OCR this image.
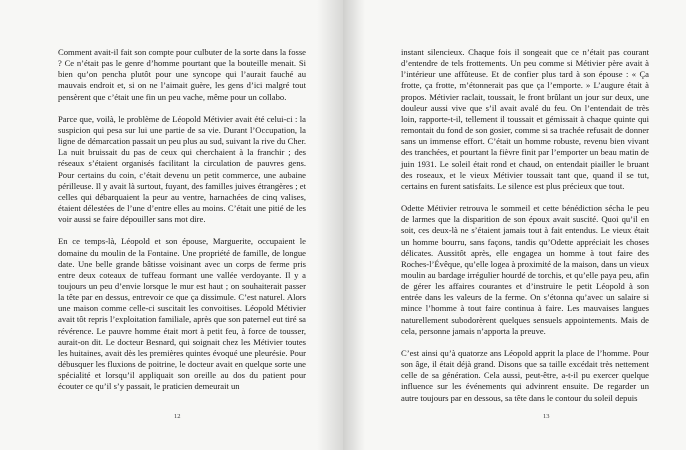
Comment avait-il fait son compte pour culbuter de la sorte dans la fosse ? Ce n’était pas le genre d’homme pourtant que la bouteille menait. Si bien qu’on pencha plutôt pour une syncope qui l’aurait fauché au mauvais endroit et, si on ne l’aimait guère, les gens d’ici malgré tout pensèrent que c’était une fin un peu vache, même pour un collabo.

Parce que, voilà, le problème de Léopold Métivier avait été celui-ci : la suspicion qui pesa sur lui une partie de sa vie. Durant l’Occupation, la ligne de démarcation passait un peu plus au sud, suivant la rive du Cher. La nuit bruissait du pas de ceux qui cherchaient à la franchir ; des réseaux s’étaient organisés facilitant la circulation de pauvres gens. Pour certains du coin, c’était devenu un petit commerce, une aubaine périlleuse. Il y avait là surtout, fuyant, des familles juives étrangères ; et celles qui débarquaient la peur au ventre, harnachées de cinq valises, étaient délestées de l’une d’entre elles au moins. C’était une pitié de les voir aussi se faire dépouiller sans mot dire.

En ce temps-là, Léopold et son épouse, Marguerite, occupaient le domaine du moulin de la Fontaine. Une propriété de famille, de longue date. Une belle grande bâtisse voisinant avec un corps de ferme pris entre deux coteaux de tuffeau formant une vallée verdoyante. Il y a toujours un peu d’envie lorsque le mur est haut ; on souhaiterait passer la tête par en dessus, entrevoir ce que ça dissimule. C’est naturel. Alors une maison comme celle-ci suscitait les convoitises. Léopold Métivier avait tôt repris l’exploitation familiale, après que son paternel eut tiré sa révérence. Le pauvre homme était mort à petit feu, à force de tousser, aurait-on dit. Le docteur Besnard, qui soignait chez les Métivier toutes les huitaines, avait dès les premières quintes évoqué une pleurésie. Pour débusquer les fluxions de poitrine, le docteur avait en quelque sorte une spécialité et lorsqu’il appliquait son oreille au dos du patient pour écouter ce qu’il s’y passait, le praticien demeurait un

12

instant silencieux. Chaque fois il songeait que ce n’était pas courant d’entendre de tels frottements. Un peu comme si Métivier père avait à l’intérieur une affûteuse. Et de confier plus tard à son épouse : « Ça frotte, ça frotte, m’étonnerait pas que ça l’emporte. » L’augure était à propos. Métivier raclait, toussait, le front brûlant un jour sur deux, une douleur aussi vive que s’il avait avalé du feu. On l’entendait de très loin, rapporte-t-il, tellement il toussait et gémissait à chaque quinte qui remontait du fond de son gosier, comme si sa trachée refusait de donner sans un immense effort. C’était un homme robuste, revenu bien vivant des tranchées, et pourtant la fièvre finit par l’emporter un beau matin de juin 1931. Le soleil était rond et chaud, on entendait piailler le bruant des roseaux, et le vieux Métivier toussait tant que, quand il se tut, certains en furent satisfaits. Le silence est plus précieux que tout.

Odette Métivier retrouva le sommeil et cette bénédiction sécha le peu de larmes que la disparition de son époux avait suscité. Quoi qu’il en soit, ces deux-là ne s’étaient jamais tout à fait entendus. Le vieux était un homme bourru, sans façons, tandis qu’Odette appréciait les choses délicates. Aussitôt après, elle engagea un homme à tout faire des Roches-l’Évêque, qu’elle logea à proximité de la maison, dans un vieux moulin au bardage irrégulier hourdé de torchis, et qu’elle paya peu, afin de gérer les affaires courantes et d’instruire le petit Léopold à son entrée dans les valeurs de la ferme. On s’étonna qu’avec un salaire si mince l’homme à tout faire continua à faire. Les mauvaises langues naturellement subodorèrent quelques sensuels appointements. Mais de cela, personne jamais n’apporta la preuve.

C’est ainsi qu’à quatorze ans Léopold apprit la place de l’homme. Pour son âge, il était déjà grand. Disons que sa taille excédait très nettement celle de sa génération. Cela aussi, peut-être, a-t-il pu exercer quelque influence sur les événements qui advinrent ensuite. De regarder un autre toujours par en dessous, sa tête dans le contour du soleil depuis

13
